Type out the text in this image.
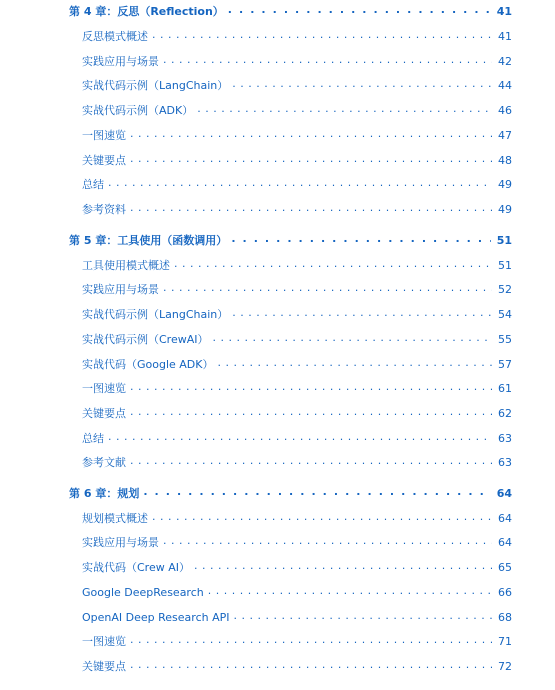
第 4 章：反思（Reflection） . . .	41
反思模式概述 . . .	41
实践应用与场景 . . .	42
实战代码示例（LangChain） . . .	44
实战代码示例（ADK） . . .	46
一图速览 . . .	47
关键要点 . . .	48
总结 . . .	49
参考资料 . . .	49
第 5 章：工具使用（函数调用） . . .	51
工具使用模式概述 . . .	51
实践应用与场景 . . .	52
实战代码示例（LangChain） . . .	54
实战代码示例（CrewAI） . . .	55
实战代码（Google ADK） . . .	57
一图速览 . . .	61
关键要点 . . .	62
总结 . . .	63
参考文献 . . .	63
第 6 章：规划 . . .	64
规划模式概述 . . .	64
实践应用与场景 . . .	64
实战代码（Crew AI） . . .	65
Google DeepResearch . . .	66
OpenAI Deep Research API . . .	68
一图速览 . . .	71
关键要点 . . .	72
